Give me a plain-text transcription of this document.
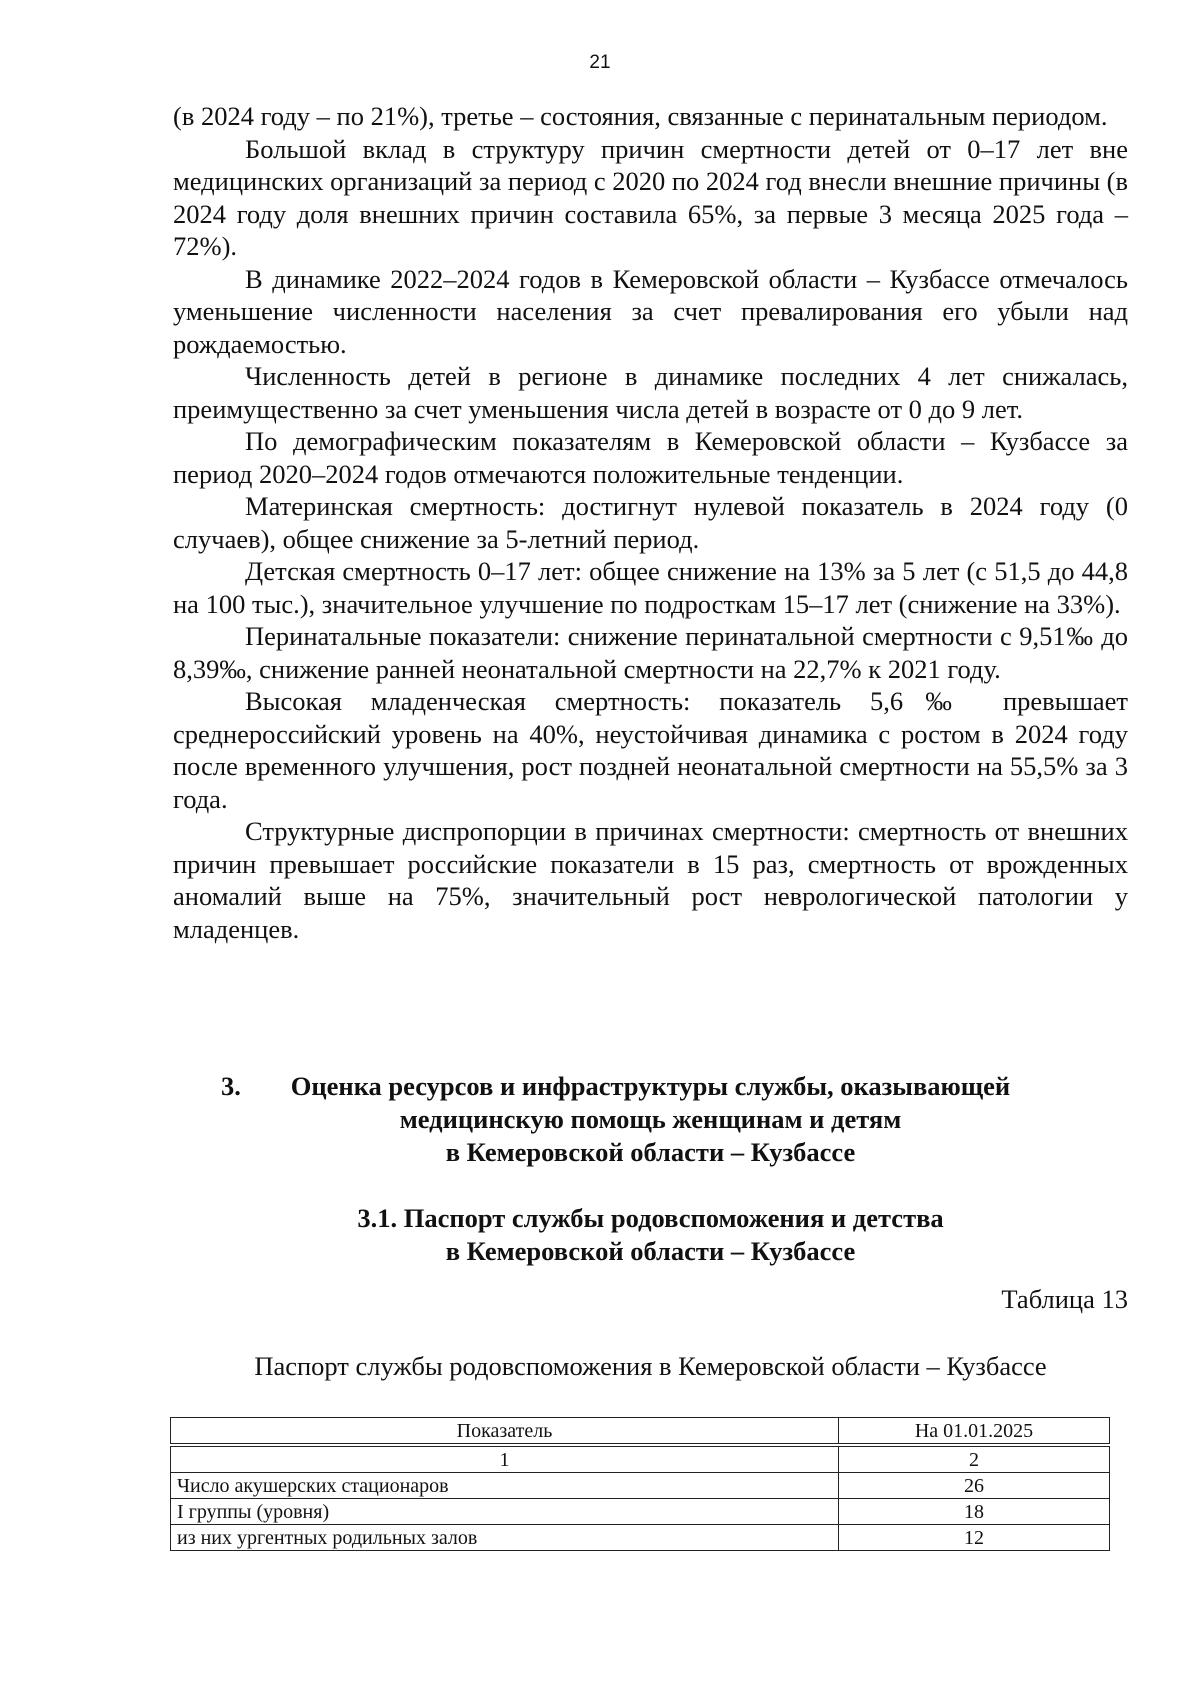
21

(в 2024 году – по 21%), третье – состояния, связанные с перинатальным периодом.

Большой вклад в структуру причин смертности детей от 0–17 лет вне медицинских организаций за период с 2020 по 2024 год внесли внешние причины (в 2024 году доля внешних причин составила 65%, за первые 3 месяца 2025 года – 72%).

В динамике 2022–2024 годов в Кемеровской области – Кузбассе отмечалось уменьшение численности населения за счет превалирования его убыли над рождаемостью.

Численность детей в регионе в динамике последних 4 лет снижалась, преимущественно за счет уменьшения числа детей в возрасте от 0 до 9 лет.

По демографическим показателям в Кемеровской области – Кузбассе за период 2020–2024 годов отмечаются положительные тенденции.

Материнская смертность: достигнут нулевой показатель в 2024 году (0 случаев), общее снижение за 5-летний период.

Детская смертность 0–17 лет: общее снижение на 13% за 5 лет (с 51,5 до 44,8 на 100 тыс.), значительное улучшение по подросткам 15–17 лет (снижение на 33%).

Перинатальные показатели: снижение перинатальной смертности с 9,51‰ до 8,39‰, снижение ранней неонатальной смертности на 22,7% к 2021 году.

Высокая младенческая смертность: показатель 5,6‰ превышает среднероссийский уровень на 40%, неустойчивая динамика с ростом в 2024 году после временного улучшения, рост поздней неонатальной смертности на 55,5% за 3 года.

Структурные диспропорции в причинах смертности: смертность от внешних причин превышает российские показатели в 15 раз, смертность от врожденных аномалий выше на 75%, значительный рост неврологической патологии у младенцев.

3.	Оценка ресурсов и инфраструктуры службы, оказывающей
медицинскую помощь женщинам и детям
в Кемеровской области – Кузбассе
3.1. Паспорт службы родовспоможения и детства
в Кемеровской области – Кузбассе
Таблица 13
Паспорт службы родовспоможения в Кемеровской области – Кузбассе
Показатель	На 01.01.2025

1	2
Число акушерских стационаров	26
I группы (уровня)	18
из них ургентных родильных залов	12
